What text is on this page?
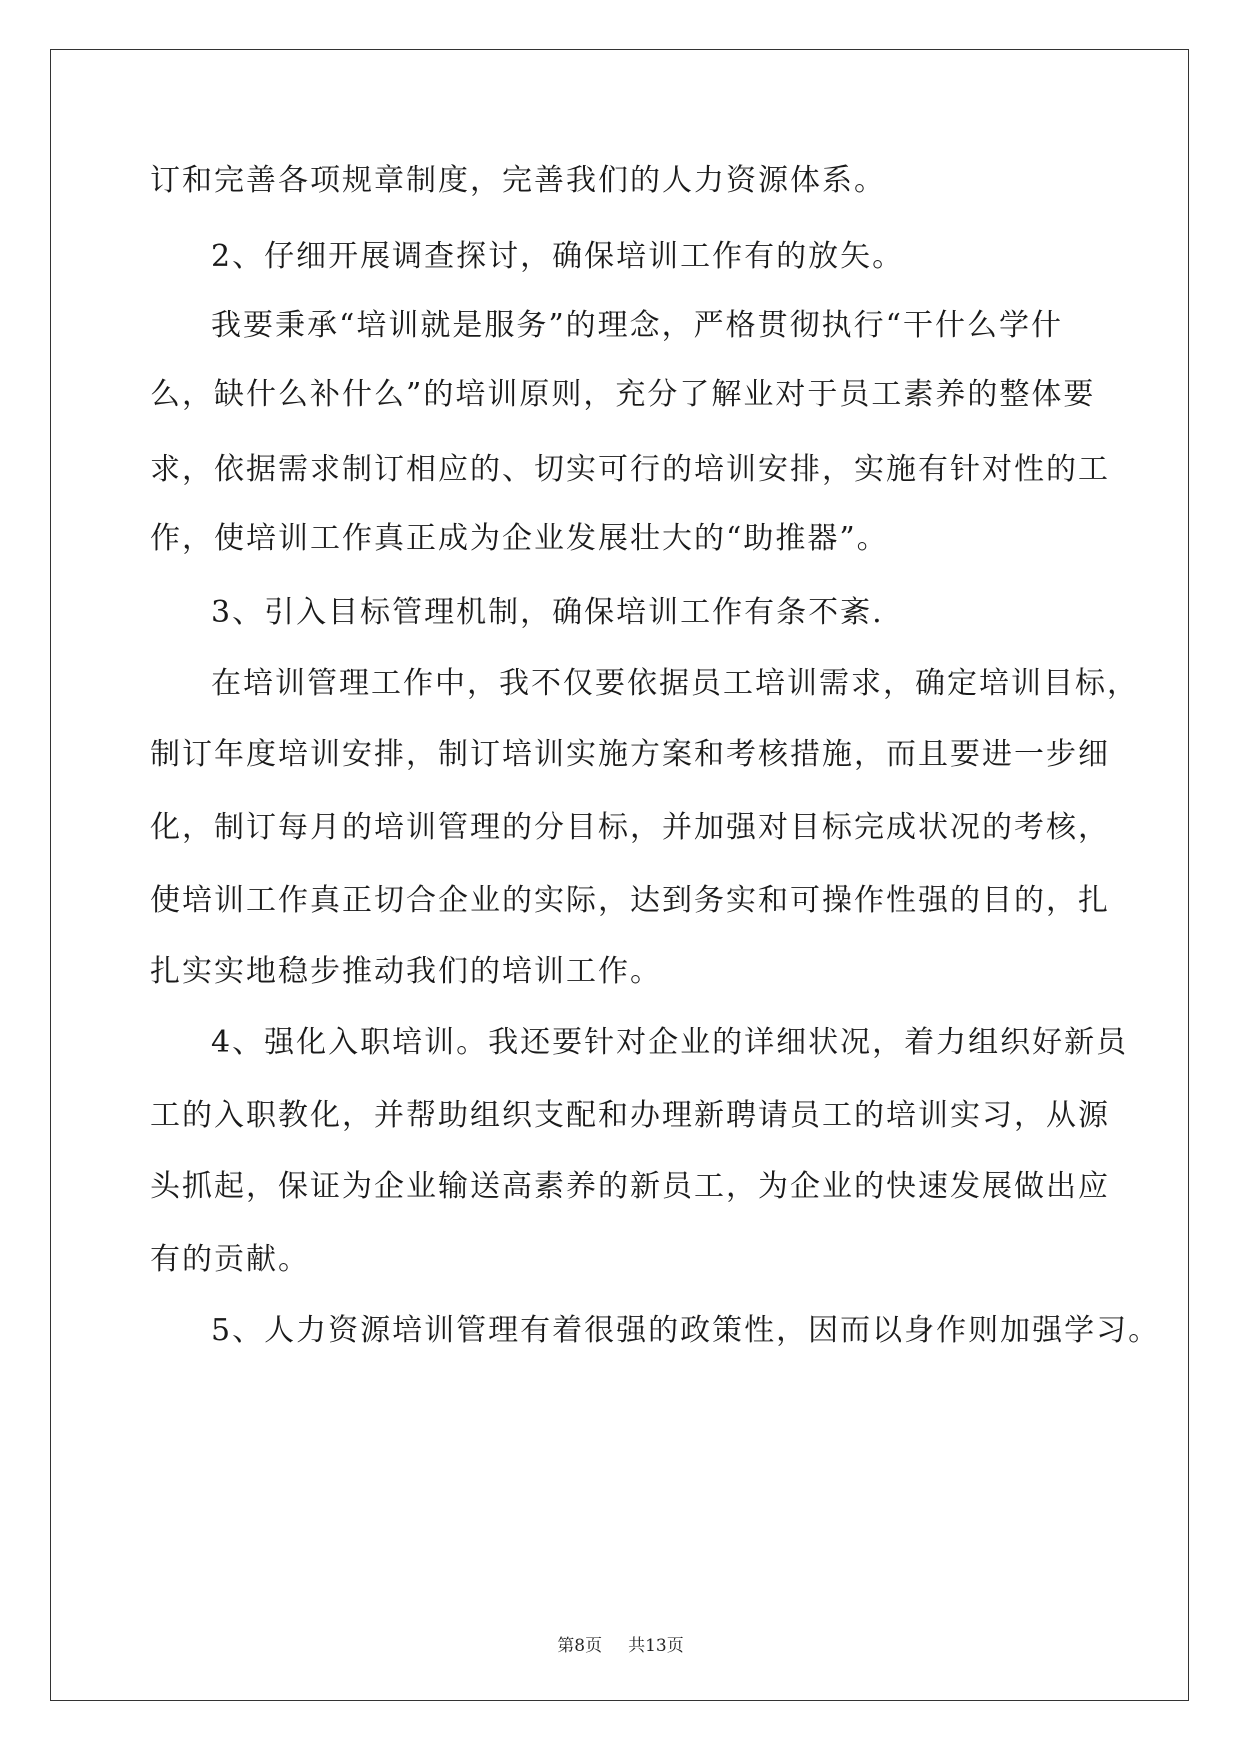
订和完善各项规章制度，完善我们的人力资源体系。
2、仔细开展调查探讨，确保培训工作有的放矢。
我要秉承“培训就是服务”的理念，严格贯彻执行“干什么学什
么，缺什么补什么”的培训原则，充分了解业对于员工素养的整体要
求，依据需求制订相应的、切实可行的培训安排，实施有针对性的工
作，使培训工作真正成为企业发展壮大的“助推器”。
3、引入目标管理机制，确保培训工作有条不紊.
在培训管理工作中，我不仅要依据员工培训需求，确定培训目标，
制订年度培训安排，制订培训实施方案和考核措施，而且要进一步细
化，制订每月的培训管理的分目标，并加强对目标完成状况的考核，
使培训工作真正切合企业的实际，达到务实和可操作性强的目的，扎
扎实实地稳步推动我们的培训工作。
4、强化入职培训。我还要针对企业的详细状况，着力组织好新员
工的入职教化，并帮助组织支配和办理新聘请员工的培训实习，从源
头抓起，保证为企业输送高素养的新员工，为企业的快速发展做出应
有的贡献。
5、人力资源培训管理有着很强的政策性，因而以身作则加强学习。
第8页 共13页
